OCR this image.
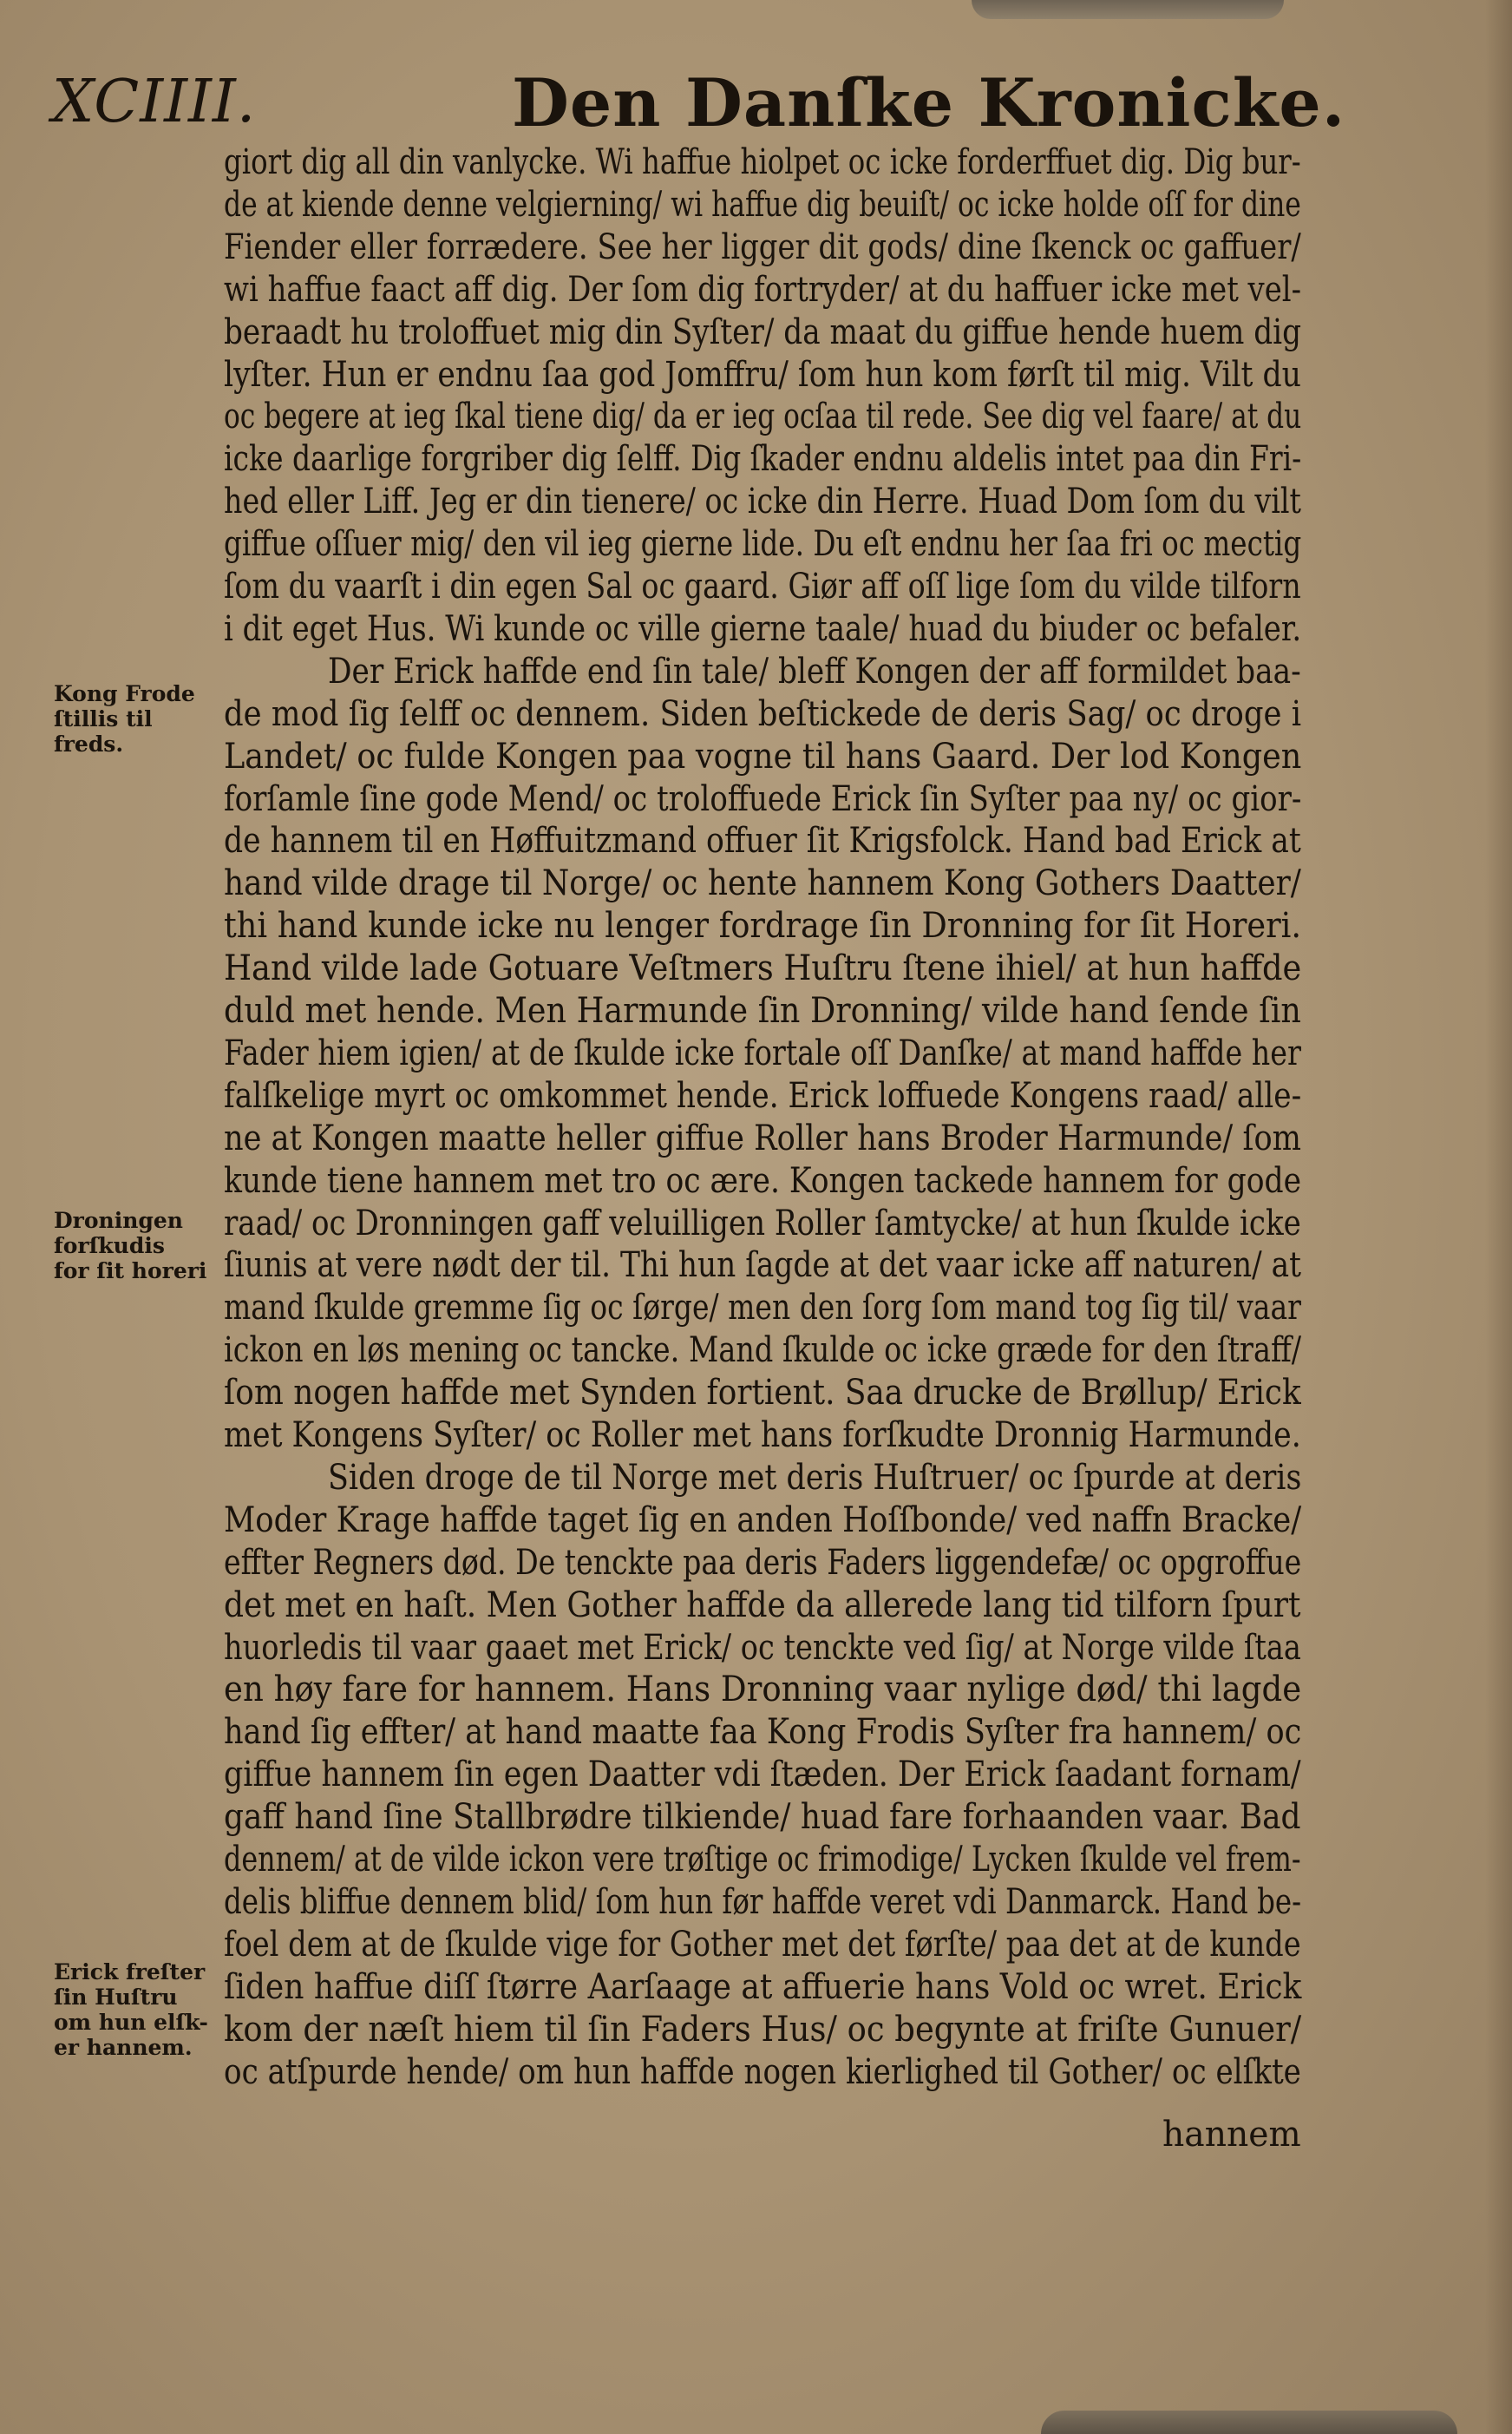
XCIIII.	Den Danſke Kronicke.
giort dig all din vanlycke. Wi haffue hiolpet oc icke forderffuet dig. Dig bur-
de at kiende denne velgierning/ wi haffue dig beuiſt/ oc icke holde oſſ for dine
Fiender eller forrædere. See her ligger dit gods/ dine ſkenck oc gaffuer/
wi haffue faact aff dig. Der ſom dig fortryder/ at du haffuer icke met vel-
beraadt hu troloffuet mig din Syſter/ da maat du giffue hende huem dig
lyſter. Hun er endnu ſaa god Jomffru/ ſom hun kom førſt til mig. Vilt du
oc begere at ieg ſkal tiene dig/ da er ieg ocſaa til rede. See dig vel faare/ at du
icke daarlige forgriber dig ſelff. Dig ſkader endnu aldelis intet paa din Fri-
hed eller Liff. Jeg er din tienere/ oc icke din Herre. Huad Dom ſom du vilt
giffue oſſuer mig/ den vil ieg gierne lide. Du eſt endnu her ſaa fri oc mectig
ſom du vaarſt i din egen Sal oc gaard. Giør aff oſſ lige ſom du vilde tilforn
i dit eget Hus. Wi kunde oc ville gierne taale/ huad du biuder oc befaler.
Der Erick haffde end ſin tale/ bleff Kongen der aff formildet baa-
de mod ſig ſelff oc dennem. Siden beſtickede de deris Sag/ oc droge i
Landet/ oc fulde Kongen paa vogne til hans Gaard. Der lod Kongen
forſamle ſine gode Mend/ oc troloffuede Erick ſin Syſter paa ny/ oc gior-
de hannem til en Høffuitzmand offuer ſit Krigsfolck. Hand bad Erick at
hand vilde drage til Norge/ oc hente hannem Kong Gothers Daatter/
thi hand kunde icke nu lenger fordrage ſin Dronning for ſit Horeri.
Hand vilde lade Gotuare Veſtmers Huſtru ſtene ihiel/ at hun haffde
duld met hende. Men Harmunde ſin Dronning/ vilde hand ſende ſin
Fader hiem igien/ at de ſkulde icke fortale oſſ Danſke/ at mand haffde her
falſkelige myrt oc omkommet hende. Erick loffuede Kongens raad/ alle-
ne at Kongen maatte heller giffue Roller hans Broder Harmunde/ ſom
kunde tiene hannem met tro oc ære. Kongen tackede hannem for gode
raad/ oc Dronningen gaff veluilligen Roller ſamtycke/ at hun ſkulde icke
ſiunis at vere nødt der til. Thi hun ſagde at det vaar icke aff naturen/ at
mand ſkulde gremme ſig oc ſørge/ men den ſorg ſom mand tog ſig til/ vaar
ickon en løs mening oc tancke. Mand ſkulde oc icke græde for den ſtraff/
ſom nogen haffde met Synden fortient. Saa drucke de Brøllup/ Erick
met Kongens Syſter/ oc Roller met hans forſkudte Dronnig Harmunde.
Siden droge de til Norge met deris Huſtruer/ oc ſpurde at deris
Moder Krage haffde taget ſig en anden Hoſſbonde/ ved naffn Bracke/
effter Regners død. De tenckte paa deris Faders liggendefæ/ oc opgroffue
det met en haſt. Men Gother haffde da allerede lang tid tilforn ſpurt
huorledis til vaar gaaet met Erick/ oc tenckte ved ſig/ at Norge vilde ſtaa
en høy fare for hannem. Hans Dronning vaar nylige død/ thi lagde
hand ſig effter/ at hand maatte faa Kong Frodis Syſter fra hannem/ oc
giffue hannem ſin egen Daatter vdi ſtæden. Der Erick ſaadant fornam/
gaff hand ſine Stallbrødre tilkiende/ huad fare forhaanden vaar. Bad
dennem/ at de vilde ickon vere trøſtige oc frimodige/ Lycken ſkulde vel frem-
delis bliffue dennem blid/ ſom hun før haffde veret vdi Danmarck. Hand be-
foel dem at de ſkulde vige for Gother met det førſte/ paa det at de kunde
ſiden haffue diſſ ſtørre Aarſaage at affuerie hans Vold oc wret. Erick
kom der næſt hiem til ſin Faders Hus/ oc begynte at friſte Gunuer/
oc atſpurde hende/ om hun haffde nogen kierlighed til Gother/ oc elſkte
hannem
Kong Frode
ſtillis til
freds.
Droningen
forſkudis
for ſit horeri
Erick freſter
ſin Huſtru
om hun elſk-
er hannem.
